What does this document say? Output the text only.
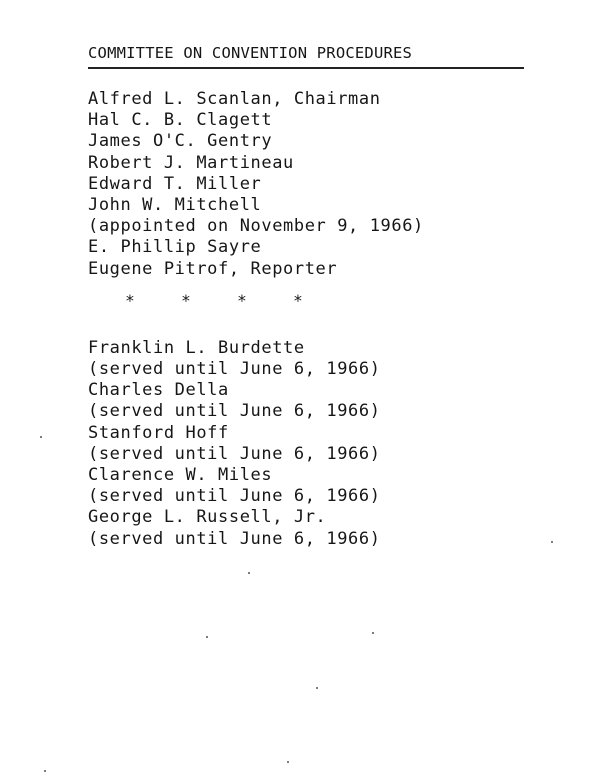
COMMITTEE ON CONVENTION PROCEDURES
Alfred L. Scanlan, Chairman
Hal C. B. Clagett
James O'C. Gentry
Robert J. Martineau
Edward T. Miller
John W. Mitchell
(appointed on November 9, 1966)
E. Phillip Sayre
Eugene Pitrof, Reporter
*	*	*	*
Franklin L. Burdette
(served until June 6, 1966)
Charles Della
(served until June 6, 1966)
Stanford Hoff
(served until June 6, 1966)
Clarence W. Miles
(served until June 6, 1966)
George L. Russell, Jr.
(served until June 6, 1966)
